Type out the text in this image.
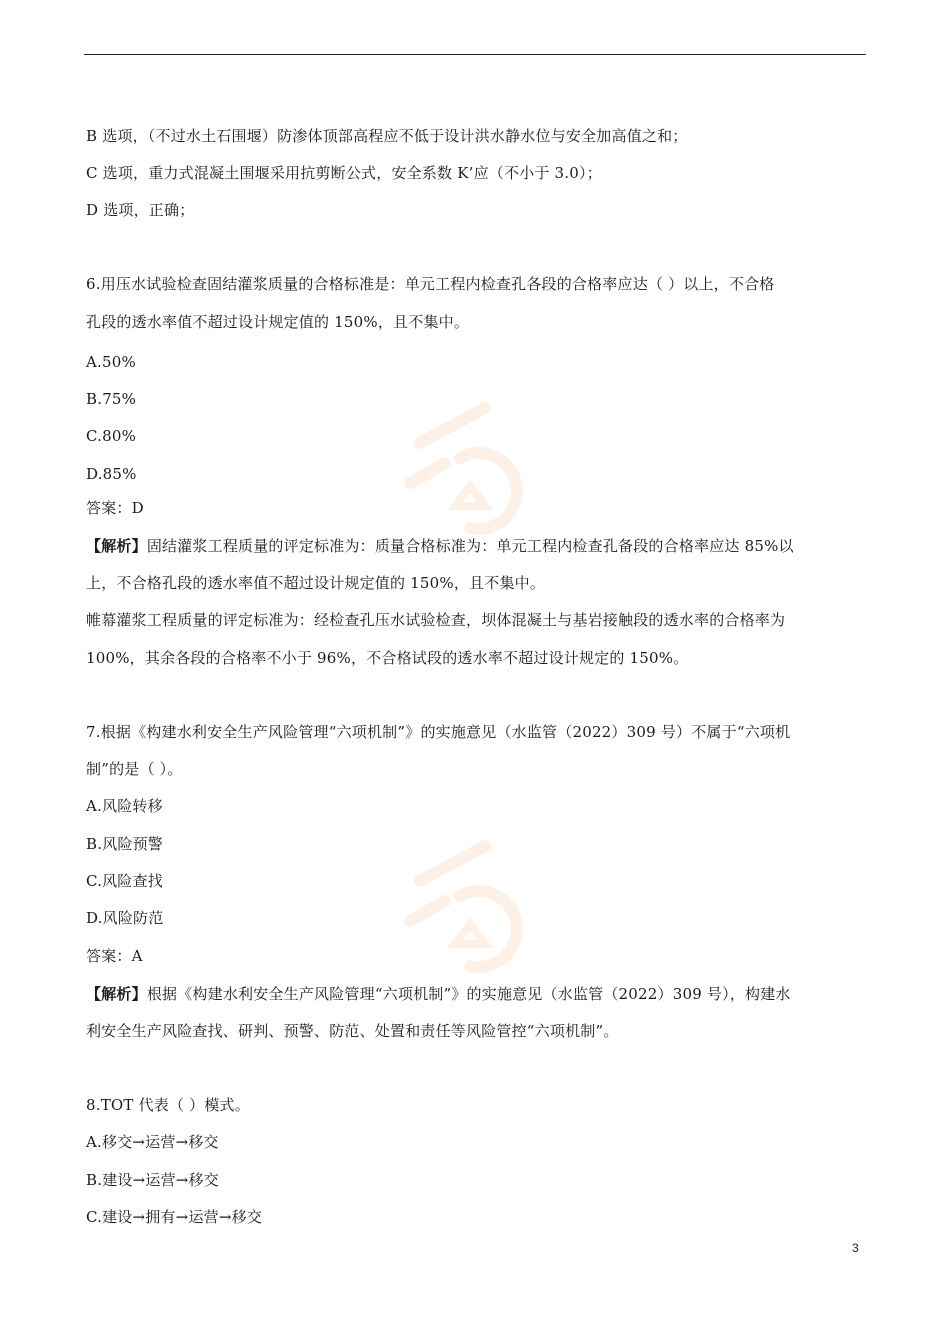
B 选项，（不过水土石围堰）防渗体顶部高程应不低于设计洪水静水位与安全加高值之和；
C 选项，重力式混凝土围堰采用抗剪断公式，安全系数 K’应（不小于 3.0）；
D 选项，正确；
6.用压水试验检查固结灌浆质量的合格标准是：单元工程内检查孔各段的合格率应达（ ）以上，不合格
孔段的透水率值不超过设计规定值的 150%，且不集中。
A.50%
B.75%
C.80%
D.85%
答案：D
【解析】固结灌浆工程质量的评定标准为：质量合格标准为：单元工程内检查孔备段的合格率应达 85%以
上，不合格孔段的透水率值不超过设计规定值的 150%，且不集中。
帷幕灌浆工程质量的评定标准为：经检查孔压水试验检查，坝体混凝土与基岩接触段的透水率的合格率为
100%，其余各段的合格率不小于 96%，不合格试段的透水率不超过设计规定的 150%。
7.根据《构建水利安全生产风险管理“六项机制”》的实施意见（水监管（2022）309 号）不属于“六项机
制”的是（ ）。
A.风险转移
B.风险预警
C.风险查找
D.风险防范
答案：A
【解析】根据《构建水利安全生产风险管理“六项机制”》的实施意见（水监管（2022）309 号），构建水
利安全生产风险查找、研判、预警、防范、处置和责任等风险管控“六项机制”。
8.TOT 代表（ ）模式。
A.移交→运营→移交
B.建设→运营→移交
C.建设→拥有→运营→移交
3
